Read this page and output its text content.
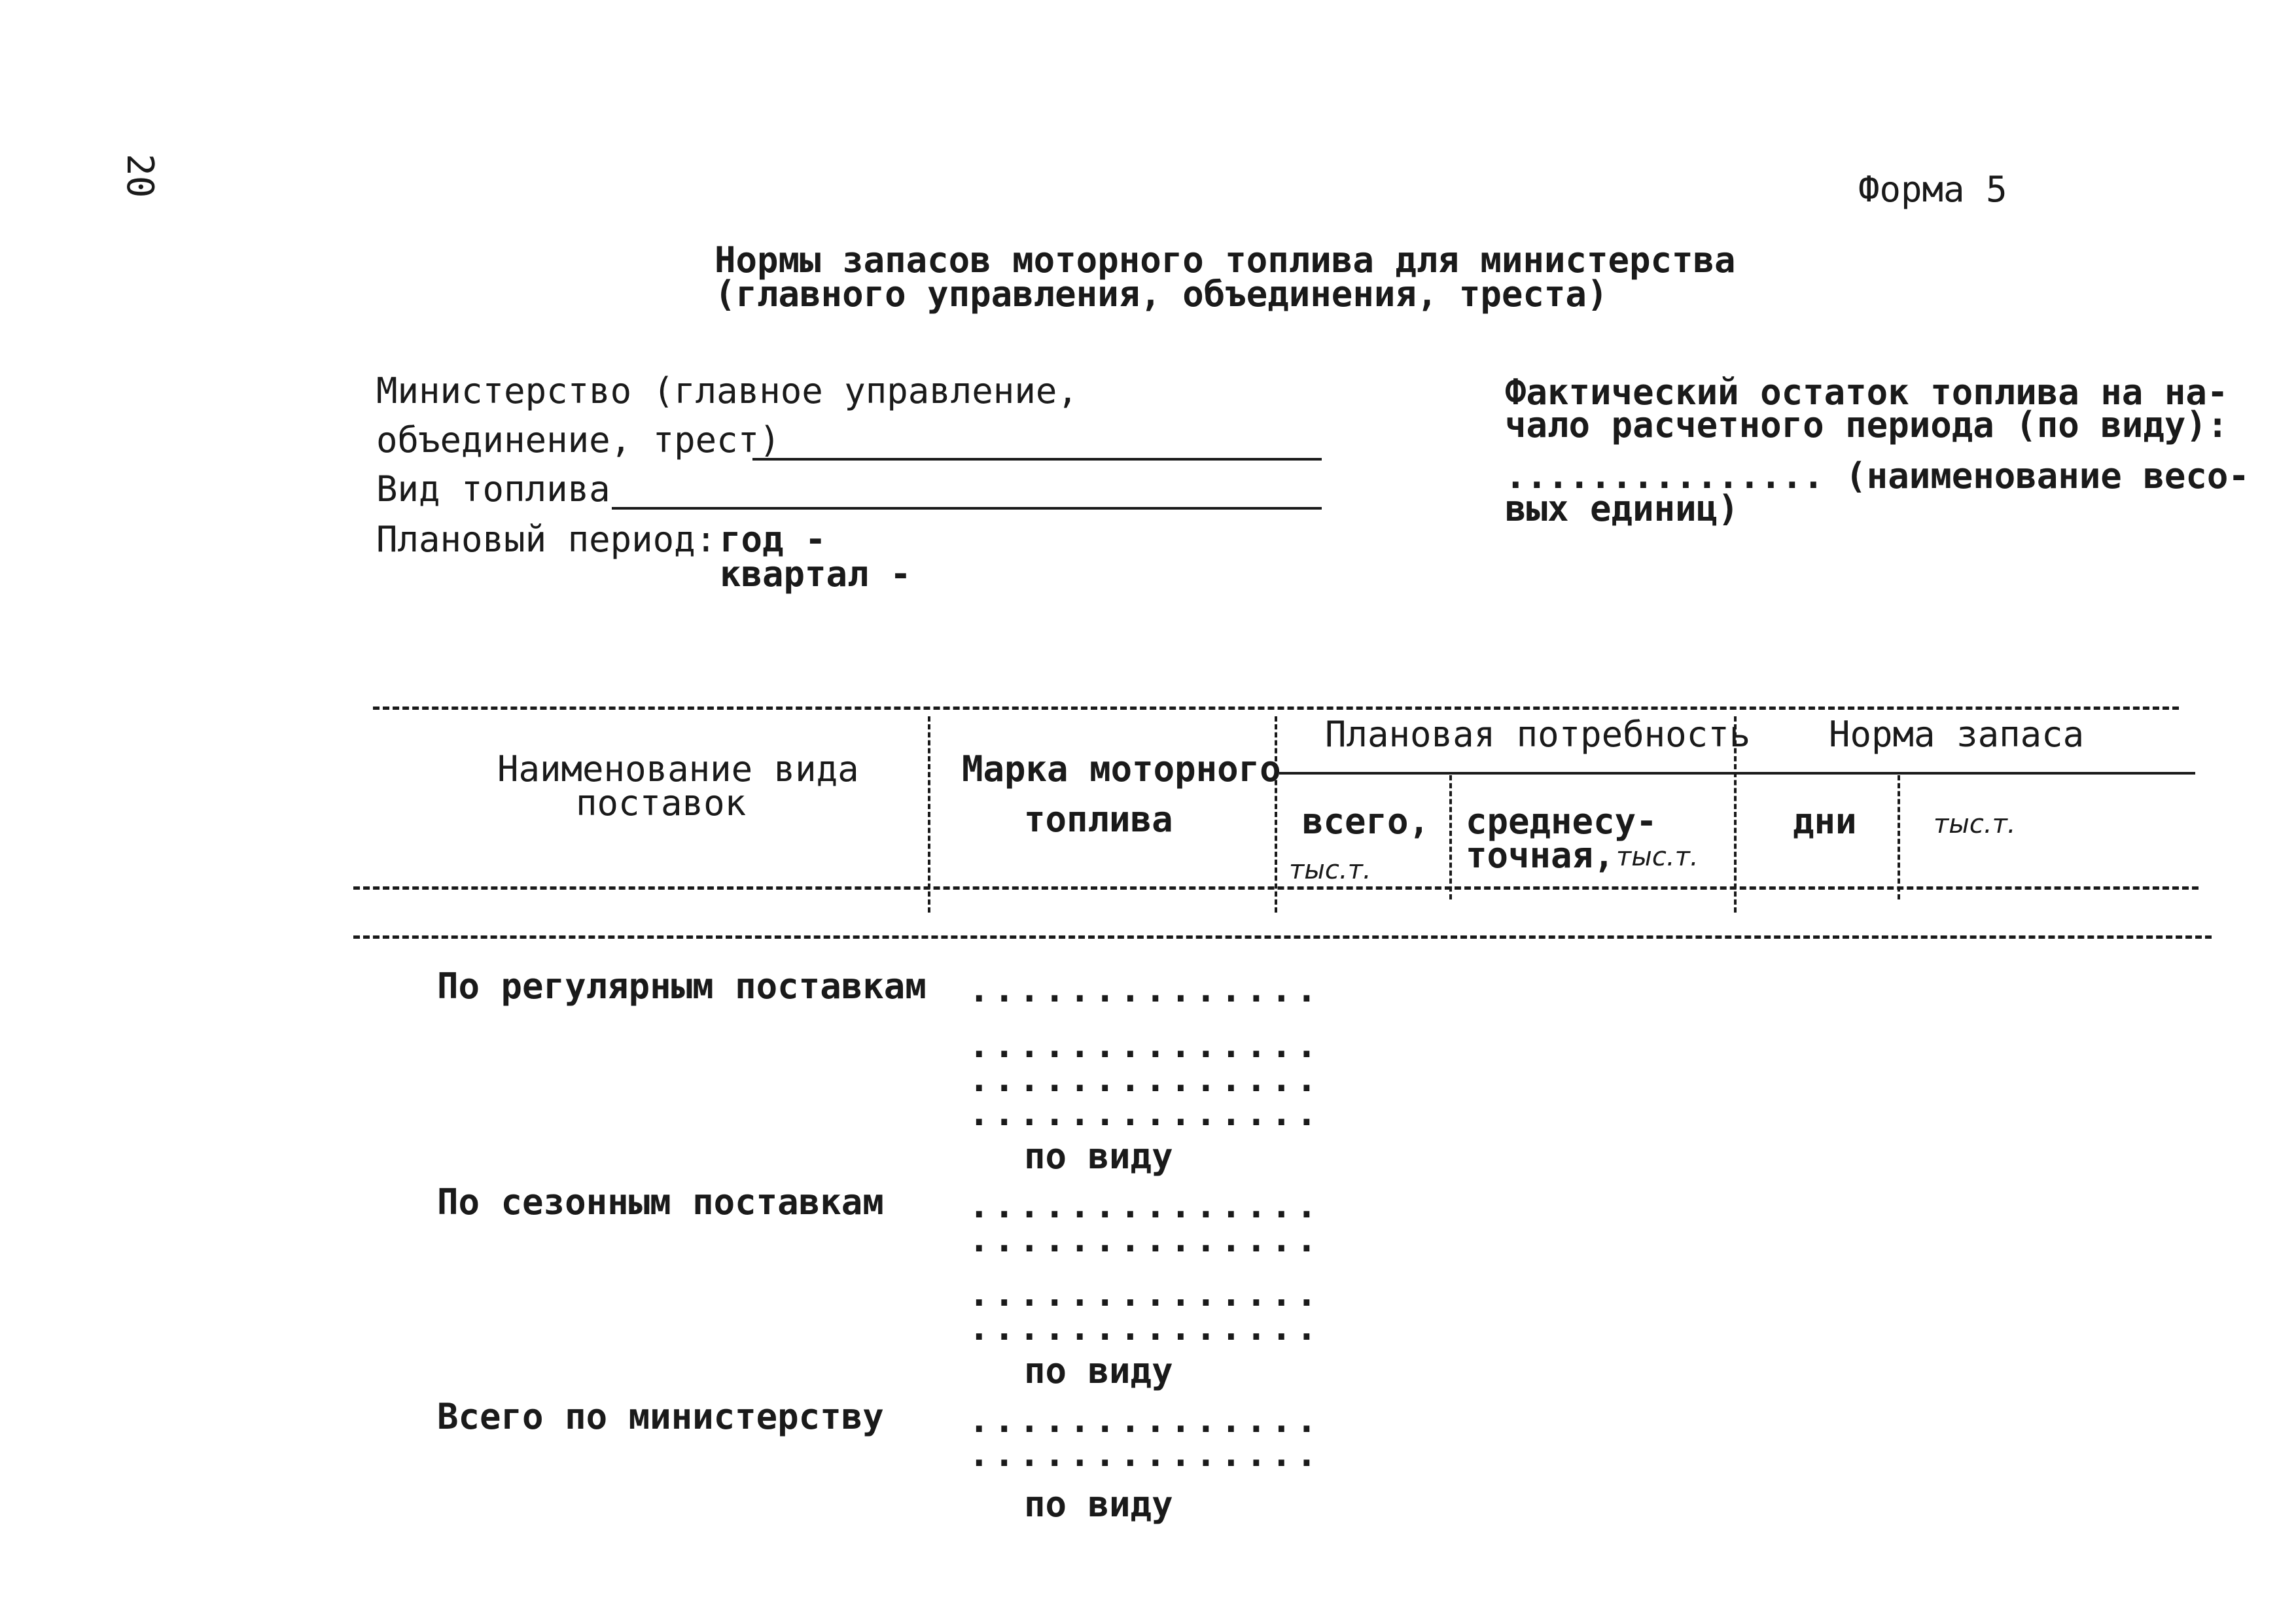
20	Форма 5
Нормы запасов моторного топлива для министерства
(главного управления, объединения, треста)
Министерство (главное управление,
объединение, трест)
Вид топлива
Плановый период: год -
квартал -
Фактический остаток топлива на на-
чало расчетного периода (по виду):
............... (наименование весо-
вых единиц)
Наименование вида
поставок
Марка моторного
топлива
Плановая потребность
всего,
тыс.т.
среднесу-
точная, тыс.т.
Норма запаса
дни	тыс.т.
По регулярным поставкам ..............
..............
..............
..............
по виду
По сезонным поставкам ..............
..............
..............
..............
по виду
Всего по министерству ..............
..............
по виду
